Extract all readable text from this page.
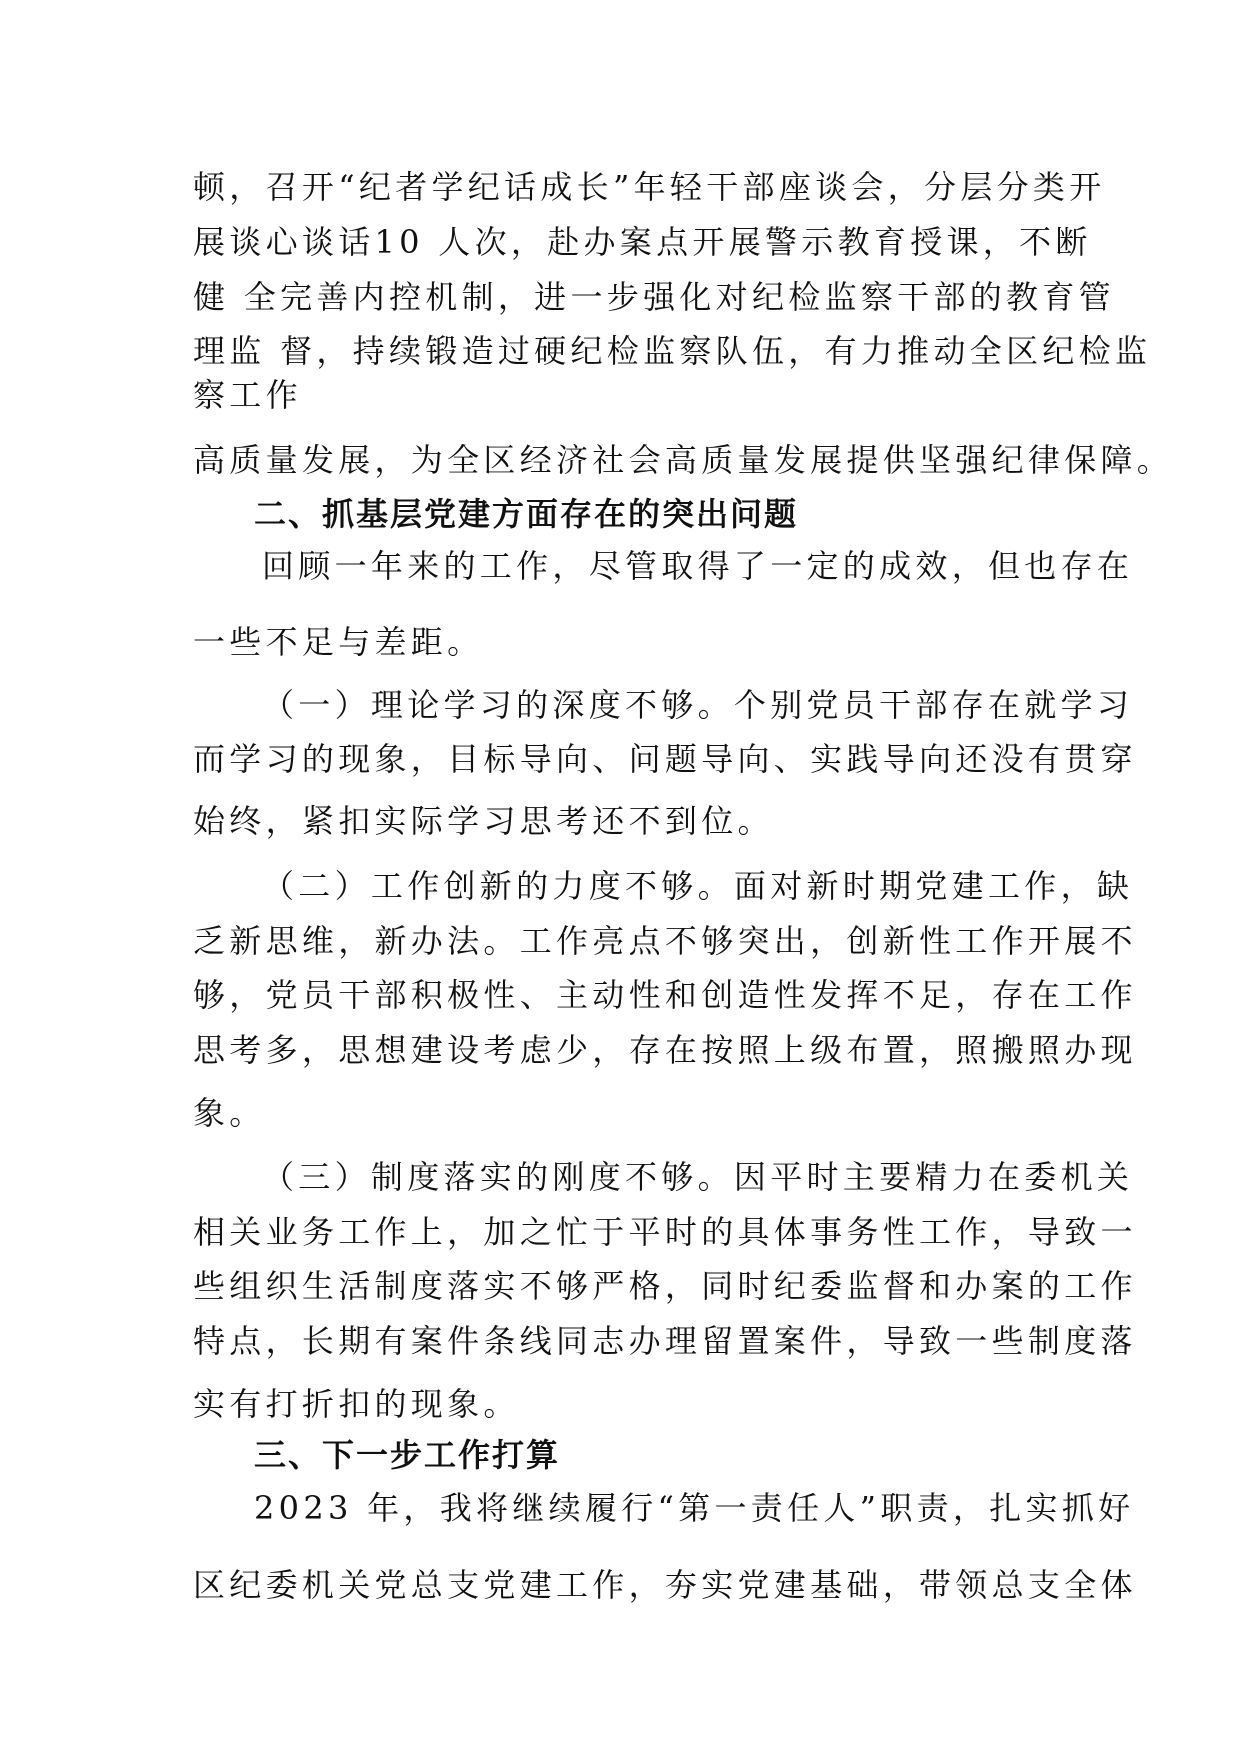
顿，召开“纪者学纪话成长”年轻干部座谈会，分层分类开
展谈心谈话10 人次，赴办案点开展警示教育授课，不断
健 全完善内控机制，进一步强化对纪检监察干部的教育管
理监 督，持续锻造过硬纪检监察队伍，有力推动全区纪检监
察工作
高质量发展，为全区经济社会高质量发展提供坚强纪律保障。
二、抓基层党建方面存在的突出问题
回顾一年来的工作，尽管取得了一定的成效，但也存在
一些不足与差距。
（一）理论学习的深度不够。个别党员干部存在就学习
而学习的现象，目标导向、问题导向、实践导向还没有贯穿
始终，紧扣实际学习思考还不到位。
（二）工作创新的力度不够。面对新时期党建工作，缺
乏新思维，新办法。工作亮点不够突出，创新性工作开展不
够，党员干部积极性、主动性和创造性发挥不足，存在工作
思考多，思想建设考虑少，存在按照上级布置，照搬照办现
象。
（三）制度落实的刚度不够。因平时主要精力在委机关
相关业务工作上，加之忙于平时的具体事务性工作，导致一
些组织生活制度落实不够严格，同时纪委监督和办案的工作
特点，长期有案件条线同志办理留置案件，导致一些制度落
实有打折扣的现象。
三、下一步工作打算
2023 年，我将继续履行“第一责任人”职责，扎实抓好
区纪委机关党总支党建工作，夯实党建基础，带领总支全体
